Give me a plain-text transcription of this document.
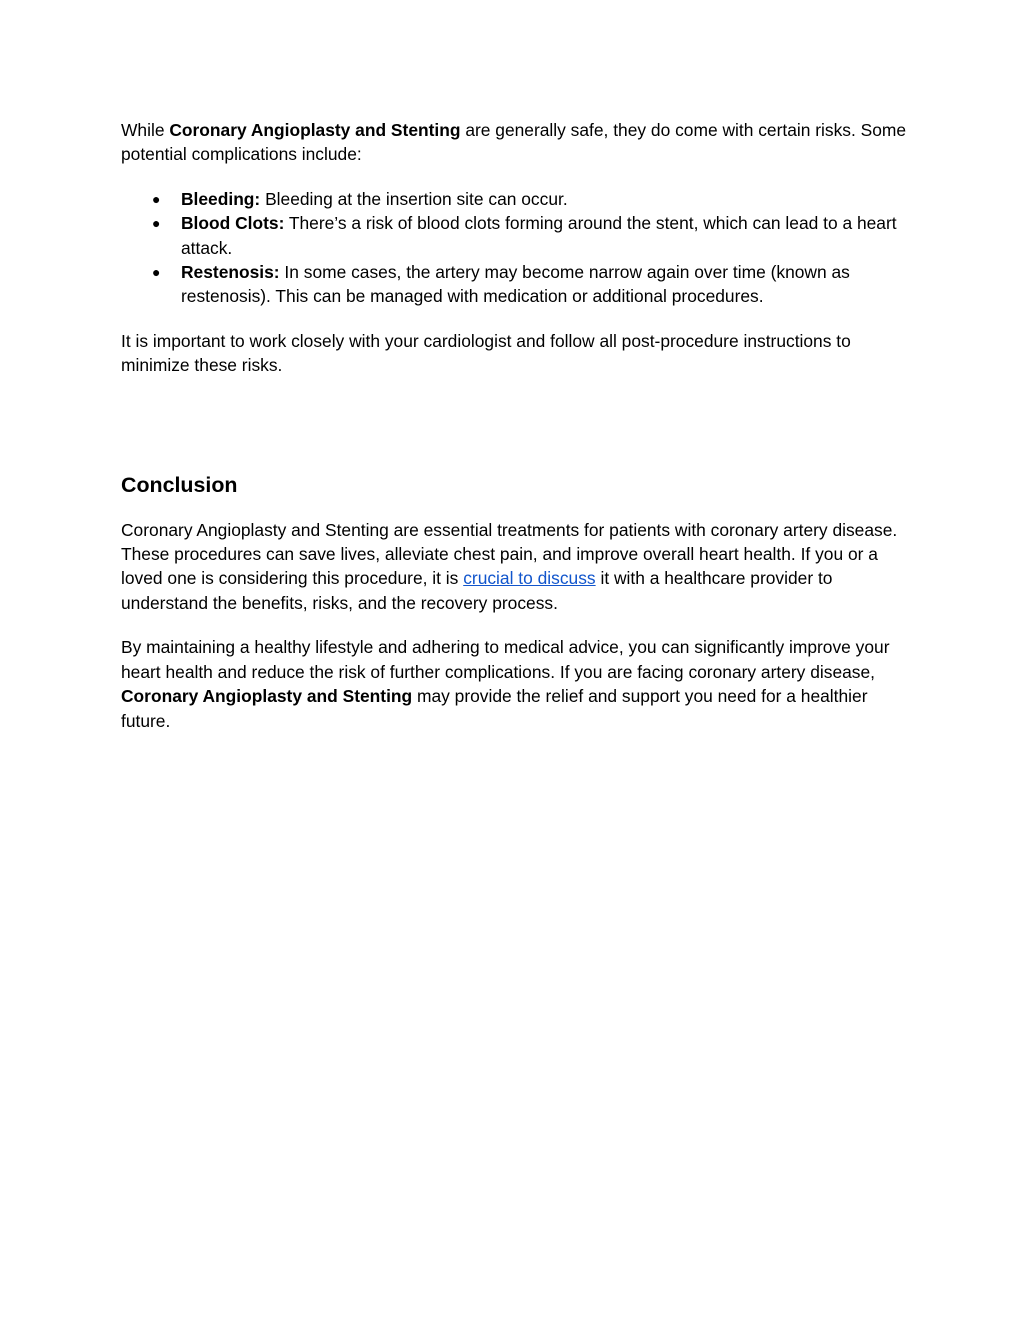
While Coronary Angioplasty and Stenting are generally safe, they do come with certain risks. Some potential complications include:

● Bleeding: Bleeding at the insertion site can occur.
● Blood Clots: There’s a risk of blood clots forming around the stent, which can lead to a heart attack.
● Restenosis: In some cases, the artery may become narrow again over time (known as restenosis). This can be managed with medication or additional procedures.

It is important to work closely with your cardiologist and follow all post-procedure instructions to minimize these risks.

Conclusion

Coronary Angioplasty and Stenting are essential treatments for patients with coronary artery disease. These procedures can save lives, alleviate chest pain, and improve overall heart health. If you or a loved one is considering this procedure, it is crucial to discuss it with a healthcare provider to understand the benefits, risks, and the recovery process.

By maintaining a healthy lifestyle and adhering to medical advice, you can significantly improve your heart health and reduce the risk of further complications. If you are facing coronary artery disease, Coronary Angioplasty and Stenting may provide the relief and support you need for a healthier future.
